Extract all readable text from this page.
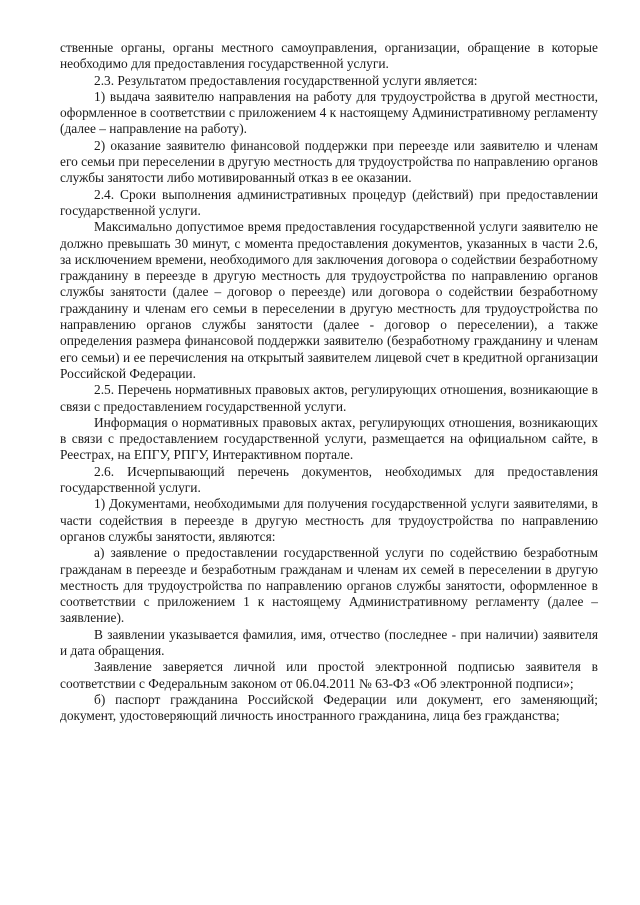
ственные органы, органы местного самоуправления, организации, обращение в которые необходимо для предоставления государственной услуги.

2.3. Результатом предоставления государственной услуги является:

1) выдача заявителю направления на работу для трудоустройства в другой местности, оформленное в соответствии с приложением 4 к настоящему Административному регламенту (далее – направление на работу).

2) оказание заявителю финансовой поддержки при переезде или заявителю и членам его семьи при переселении в другую местность для трудоустройства по направлению органов службы занятости либо мотивированный отказ в ее оказании.

2.4. Сроки выполнения административных процедур (действий) при предоставлении государственной услуги.

Максимально допустимое время предоставления государственной услуги заявителю не должно превышать 30 минут, с момента предоставления документов, указанных в части 2.6, за исключением времени, необходимого для заключения договора о содействии безработному гражданину в переезде в другую местность для трудоустройства по направлению органов службы занятости (далее – договор о переезде) или договора о содействии безработному гражданину и членам его семьи в переселении в другую местность для трудоустройства по направлению органов службы занятости (далее - договор о переселении), а также определения размера финансовой поддержки заявителю (безработному гражданину и членам его семьи) и ее перечисления на открытый заявителем лицевой счет в кредитной организации Российской Федерации.

2.5. Перечень нормативных правовых актов, регулирующих отношения, возникающие в связи с предоставлением государственной услуги.

Информация о нормативных правовых актах, регулирующих отношения, возникающих в связи с предоставлением государственной услуги, размещается на официальном сайте, в Реестрах, на ЕПГУ, РПГУ, Интерактивном портале.

2.6. Исчерпывающий перечень документов, необходимых для предоставления государственной услуги.

1) Документами, необходимыми для получения государственной услуги заявителями, в части содействия в переезде в другую местность для трудоустройства по направлению органов службы занятости, являются:

а) заявление о предоставлении государственной услуги по содействию безработным гражданам в переезде и безработным гражданам и членам их семей в переселении в другую местность для трудоустройства по направлению органов службы занятости, оформленное в соответствии с приложением 1 к настоящему Административному регламенту (далее – заявление).

В заявлении указывается фамилия, имя, отчество (последнее - при наличии) заявителя и дата обращения.

Заявление заверяется личной или простой электронной подписью заявителя в соответствии с Федеральным законом от 06.04.2011 № 63-ФЗ «Об электронной подписи»;

б) паспорт гражданина Российской Федерации или документ, его заменяющий; документ, удостоверяющий личность иностранного гражданина, лица без гражданства;
